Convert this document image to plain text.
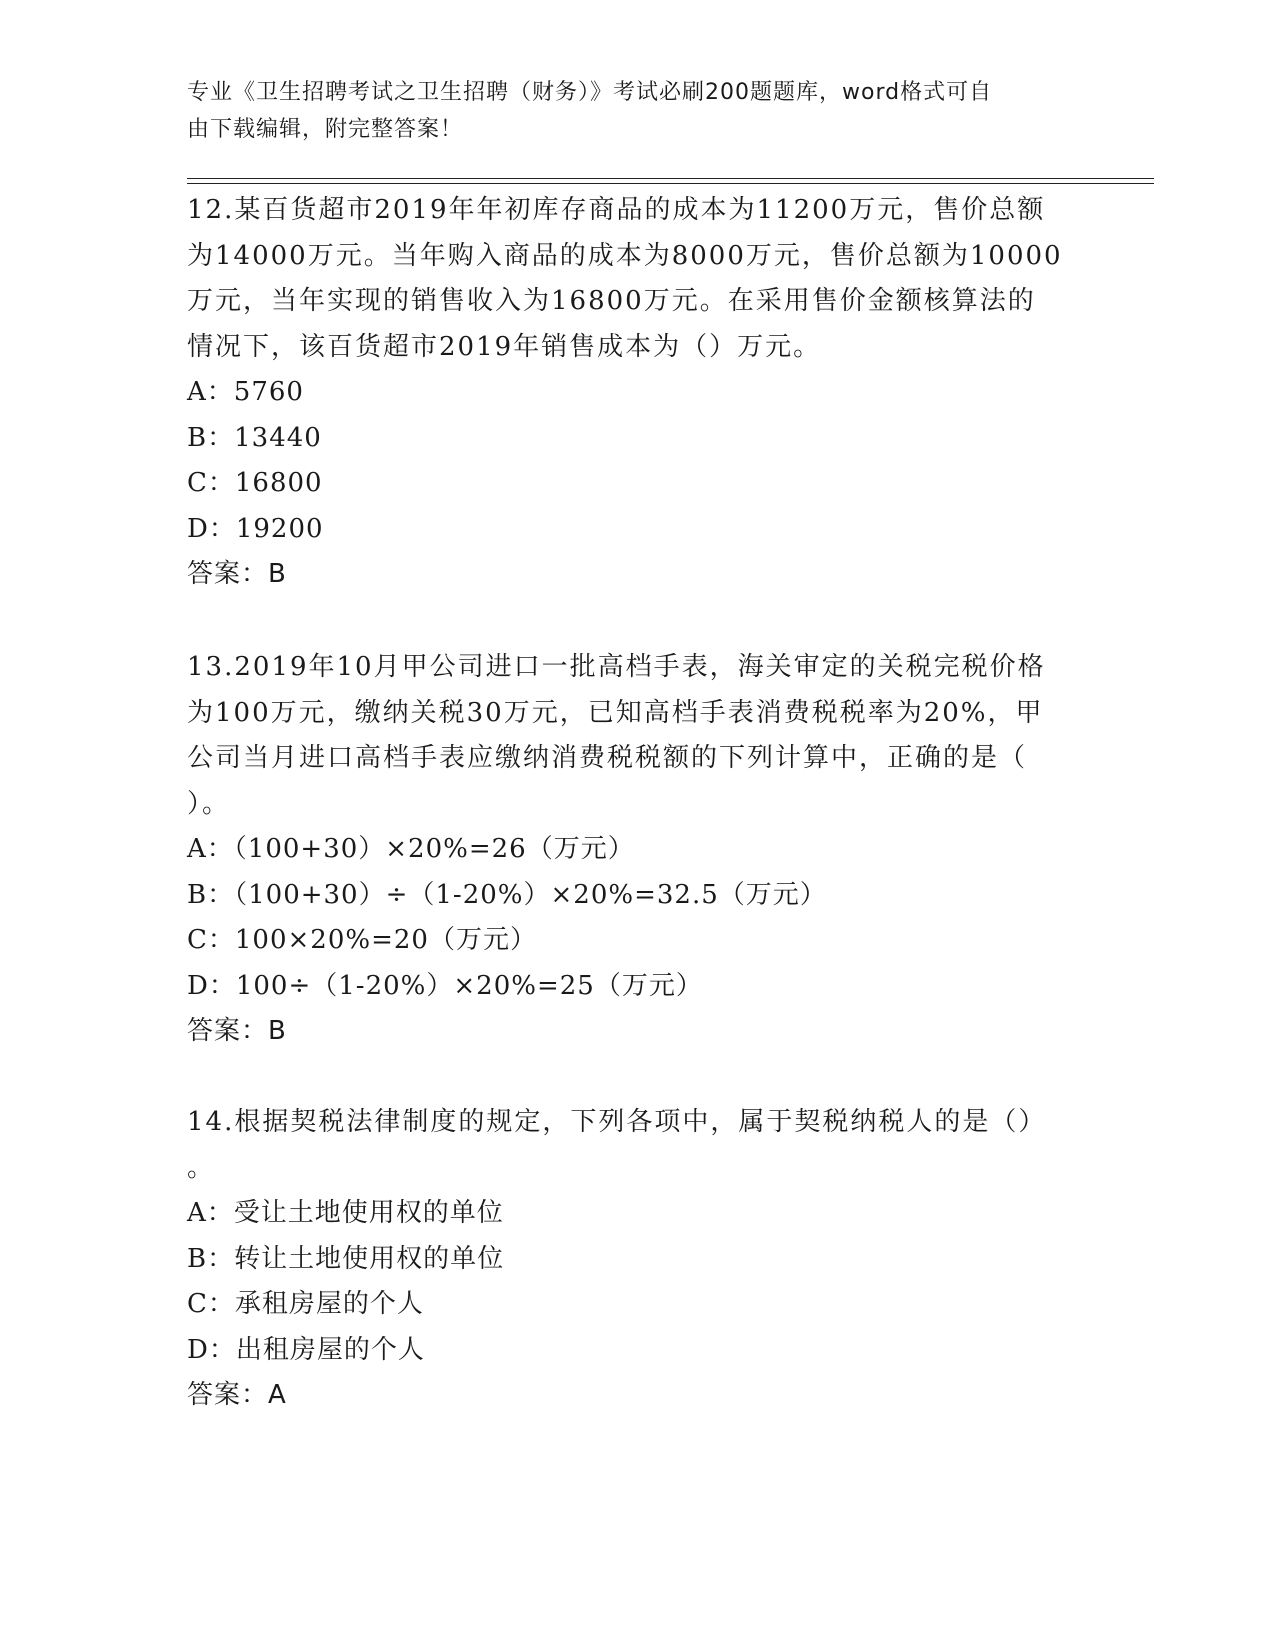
专业《卫生招聘考试之卫生招聘（财务）》考试必刷200题题库，word格式可自
由下载编辑，附完整答案！
12.某百货超市2019年年初库存商品的成本为11200万元，售价总额
为14000万元。当年购入商品的成本为8000万元，售价总额为10000
万元，当年实现的销售收入为16800万元。在采用售价金额核算法的
情况下，该百货超市2019年销售成本为（）万元。
A：5760
B：13440
C：16800
D：19200
答案：B
13.2019年10月甲公司进口一批高档手表，海关审定的关税完税价格
为100万元，缴纳关税30万元，已知高档手表消费税税率为20%，甲
公司当月进口高档手表应缴纳消费税税额的下列计算中，正确的是（
）。
A：（100+30）×20%=26（万元）
B：（100+30）÷（1-20%）×20%=32.5（万元）
C：100×20%=20（万元）
D：100÷（1-20%）×20%=25（万元）
答案：B
14.根据契税法律制度的规定，下列各项中，属于契税纳税人的是（）
。
A：受让土地使用权的单位
B：转让土地使用权的单位
C：承租房屋的个人
D：出租房屋的个人
答案：A
